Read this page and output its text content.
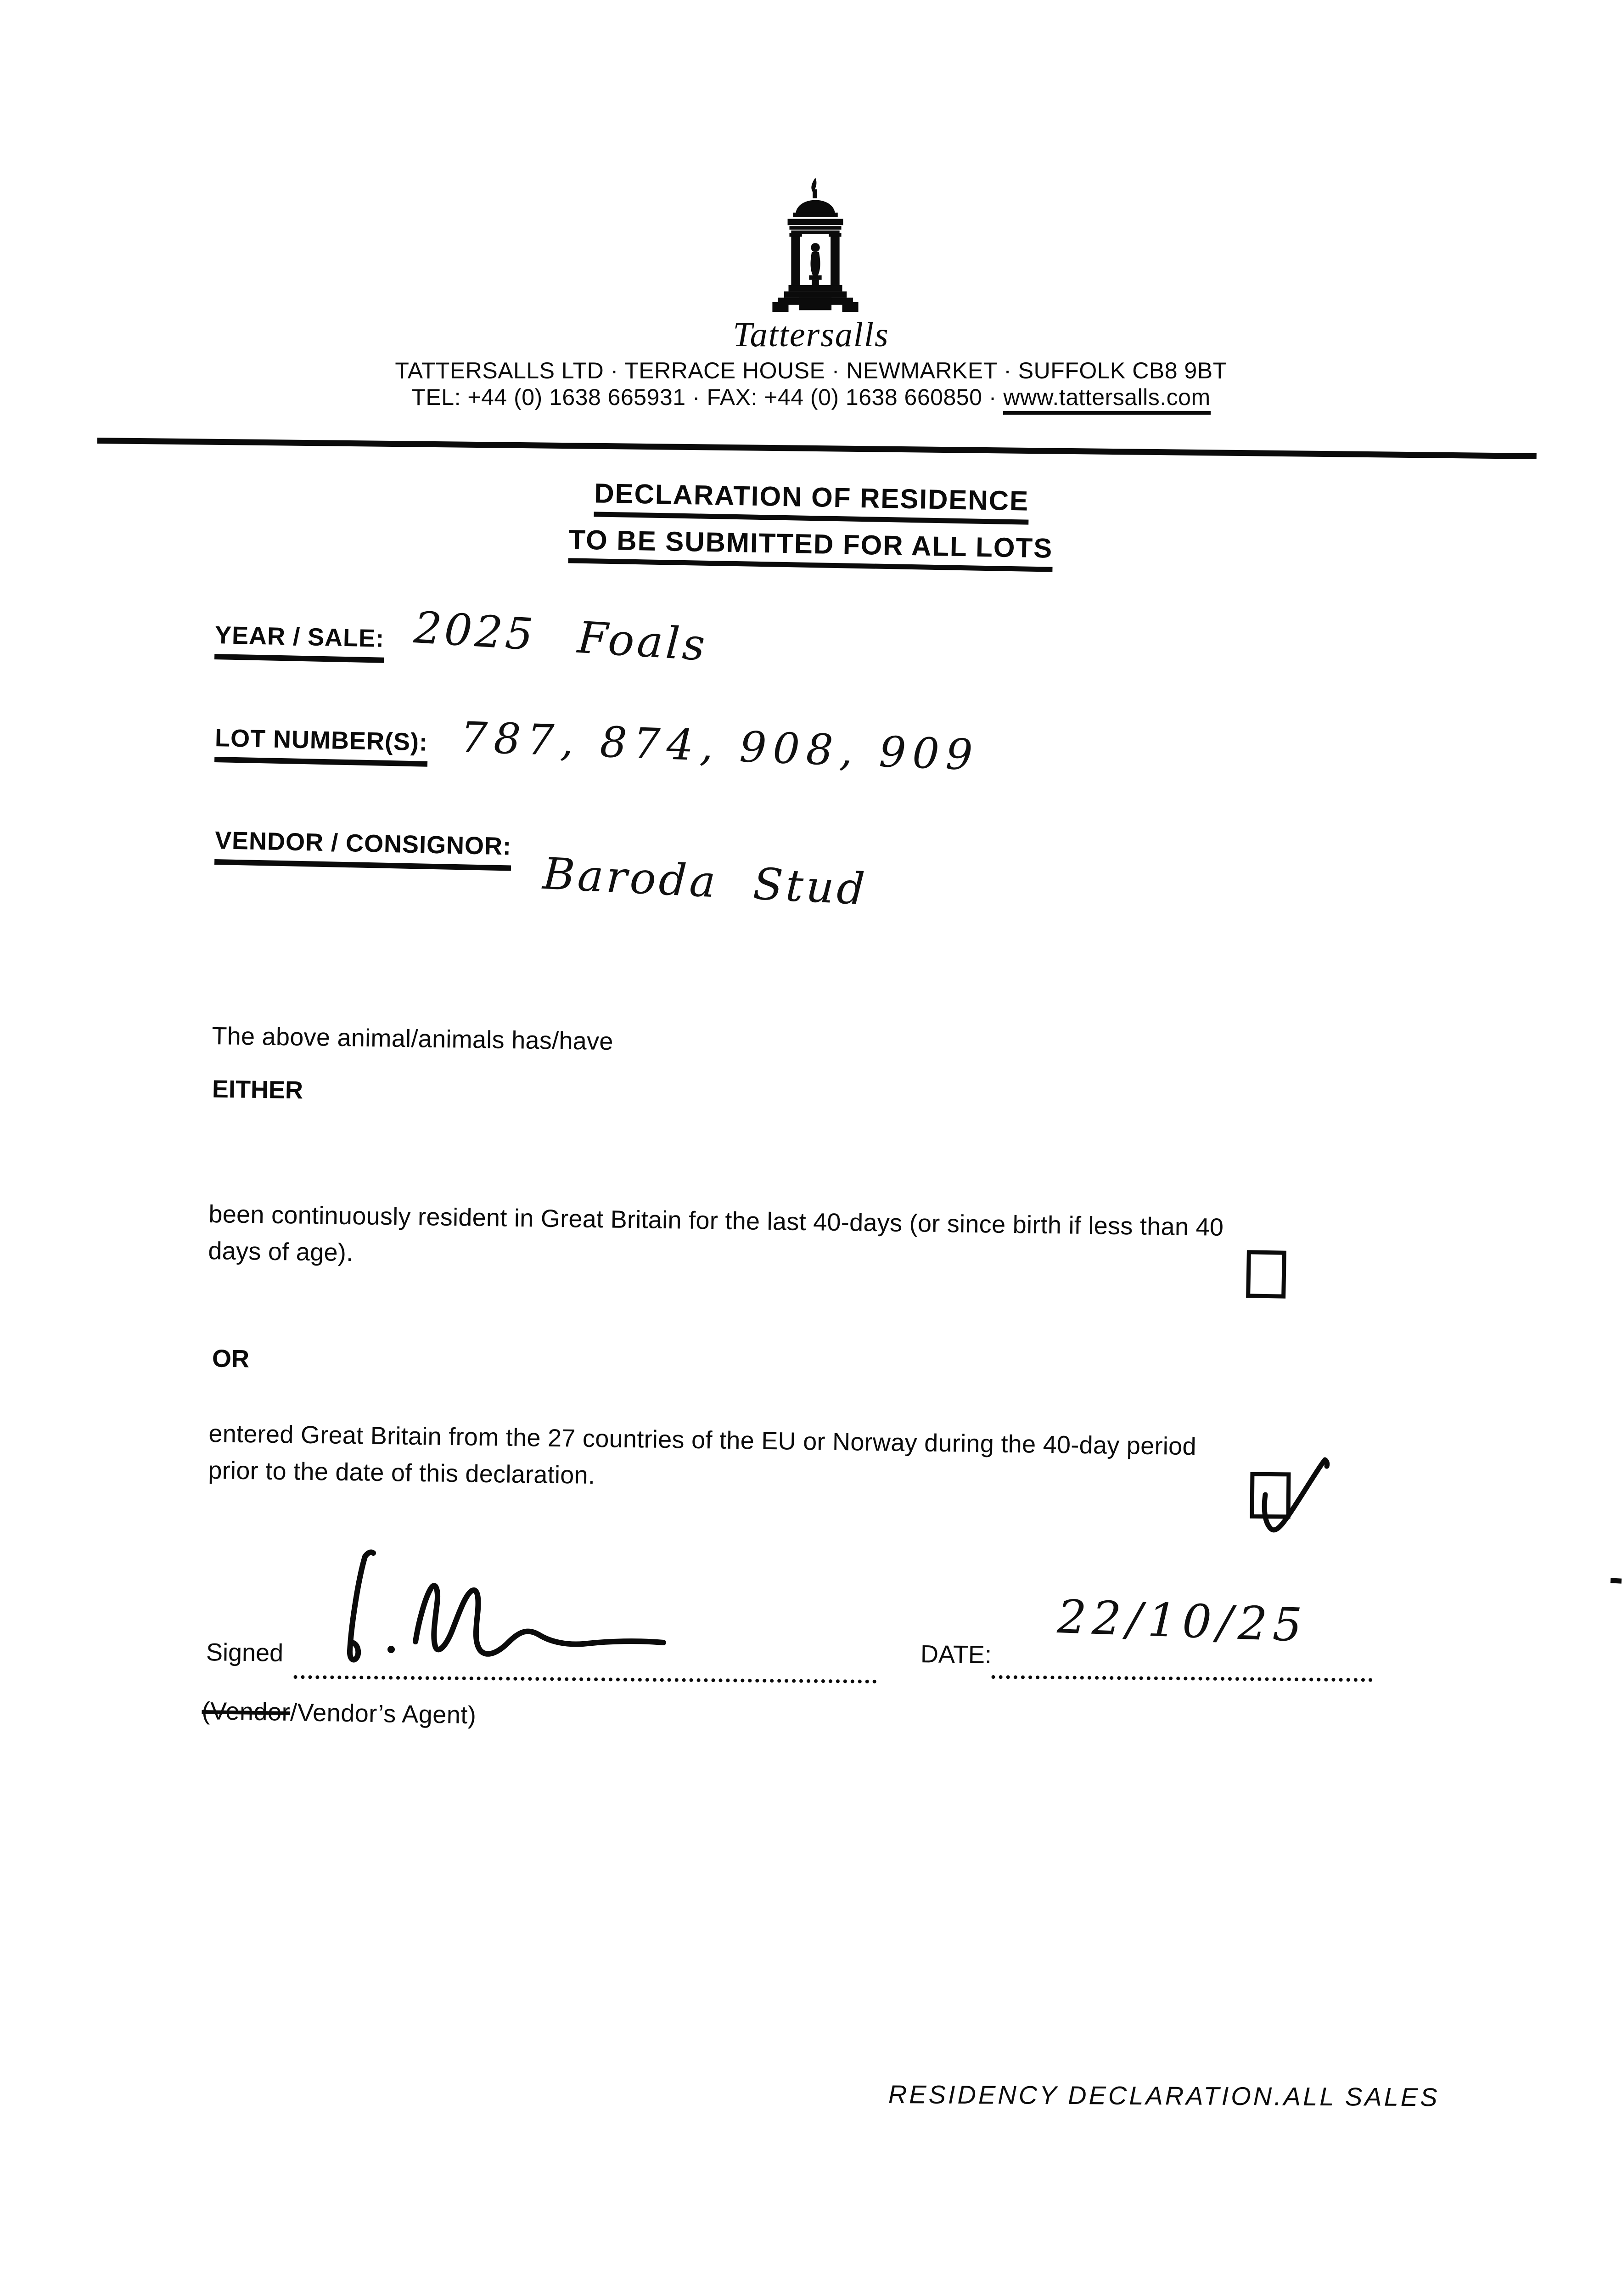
Tattersalls
TATTERSALLS LTD · TERRACE HOUSE · NEWMARKET · SUFFOLK CB8 9BT
TEL: +44 (0) 1638 665931 · FAX: +44 (0) 1638 660850 · www.tattersalls.com
DECLARATION OF RESIDENCE
TO BE SUBMITTED FOR ALL LOTS
YEAR / SALE: 2025 Foals
LOT NUMBER(S): 787, 874, 908, 909
VENDOR / CONSIGNOR:
Baroda Stud
The above animal/animals has/have
EITHER
been continuously resident in Great Britain for the last 40-days (or since birth if less than 40
days of age).
OR
entered Great Britain from the 27 countries of the EU or Norway during the 40-day period
prior to the date of this declaration.
Signed	DATE:
22/10/25
(Vendor/Vendor’s Agent)
RESIDENCY DECLARATION.ALL SALES
